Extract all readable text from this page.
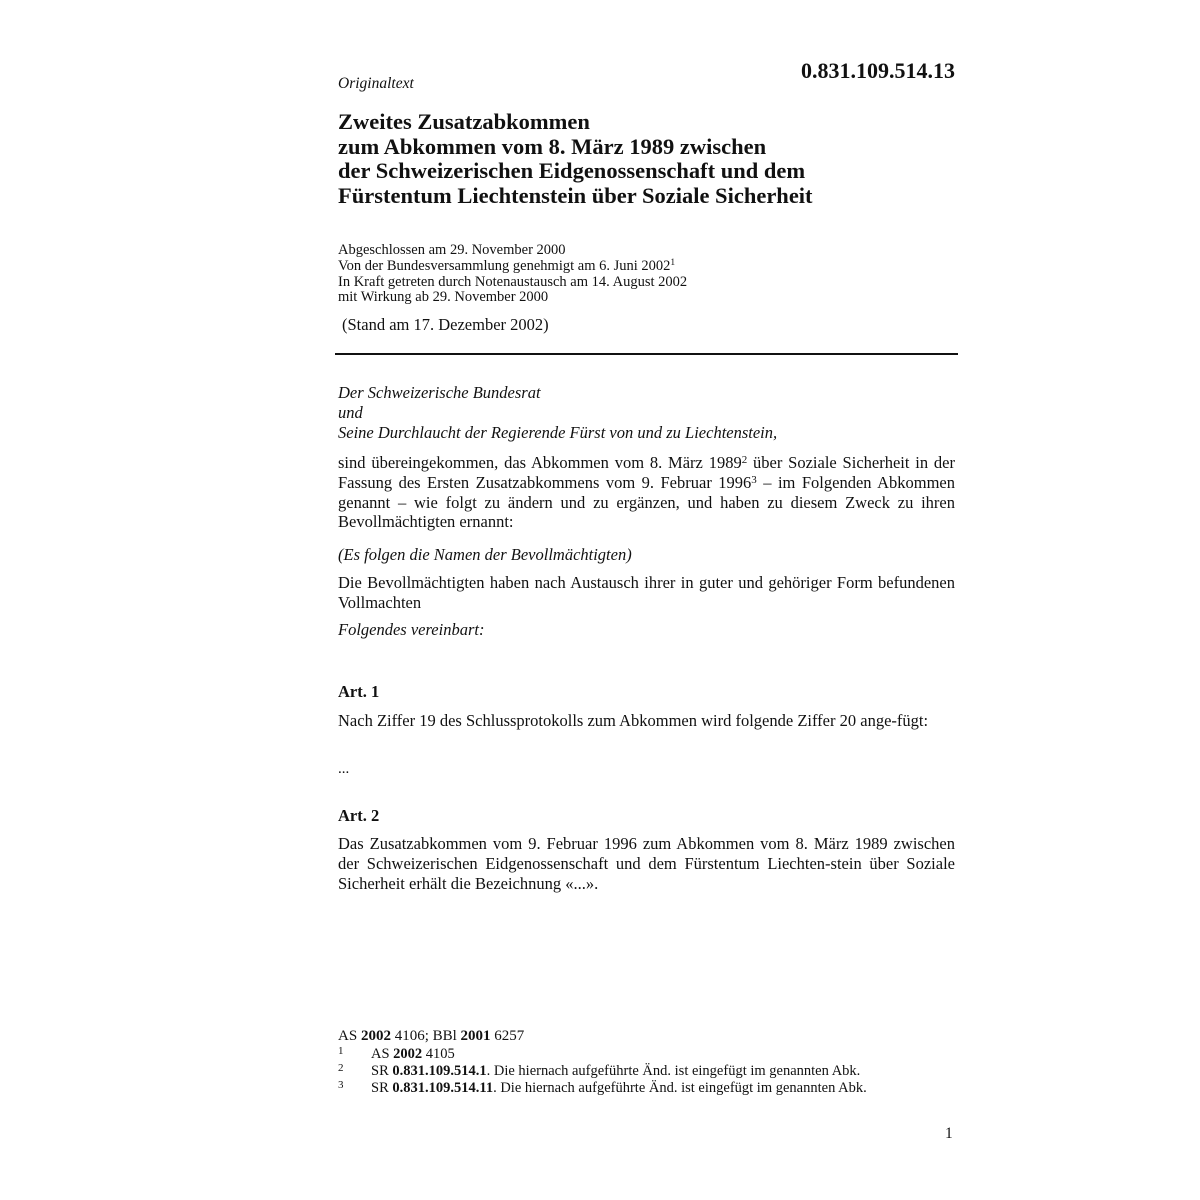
0.831.109.514.13
Originaltext
Zweites Zusatzabkommen
zum Abkommen vom 8. März 1989 zwischen
der Schweizerischen Eidgenossenschaft und dem
Fürstentum Liechtenstein über Soziale Sicherheit
Abgeschlossen am 29. November 2000
Von der Bundesversammlung genehmigt am 6. Juni 2002$^1$
In Kraft getreten durch Notenaustausch am 14. August 2002
mit Wirkung ab 29. November 2000
(Stand am 17. Dezember 2002)

Der Schweizerische Bundesrat
und
Seine Durchlaucht der Regierende Fürst von und zu Liechtenstein,

sind übereingekommen, das Abkommen vom 8. März 1989$^2$ über Soziale Sicherheit in der Fassung des Ersten Zusatzabkommens vom 9. Februar 1996$^3$ – im Folgenden Abkommen genannt – wie folgt zu ändern und zu ergänzen, und haben zu diesem Zweck zu ihren Bevollmächtigten ernannt:

(Es folgen die Namen der Bevollmächtigten)

Die Bevollmächtigten haben nach Austausch ihrer in guter und gehöriger Form befundenen Vollmachten

Folgendes vereinbart:

Art. 1

Nach Ziffer 19 des Schlussprotokolls zum Abkommen wird folgende Ziffer 20 ange-fügt:

...
Art. 2

Das Zusatzabkommen vom 9. Februar 1996 zum Abkommen vom 8. März 1989 zwischen der Schweizerischen Eidgenossenschaft und dem Fürstentum Liechten-stein über Soziale Sicherheit erhält die Bezeichnung «...».

AS 2002 4106; BBl 2001 6257
1 AS 2002 4105
2 SR 0.831.109.514.1. Die hiernach aufgeführte Änd. ist eingefügt im genannten Abk.
3 SR 0.831.109.514.11. Die hiernach aufgeführte Änd. ist eingefügt im genannten Abk.
1
